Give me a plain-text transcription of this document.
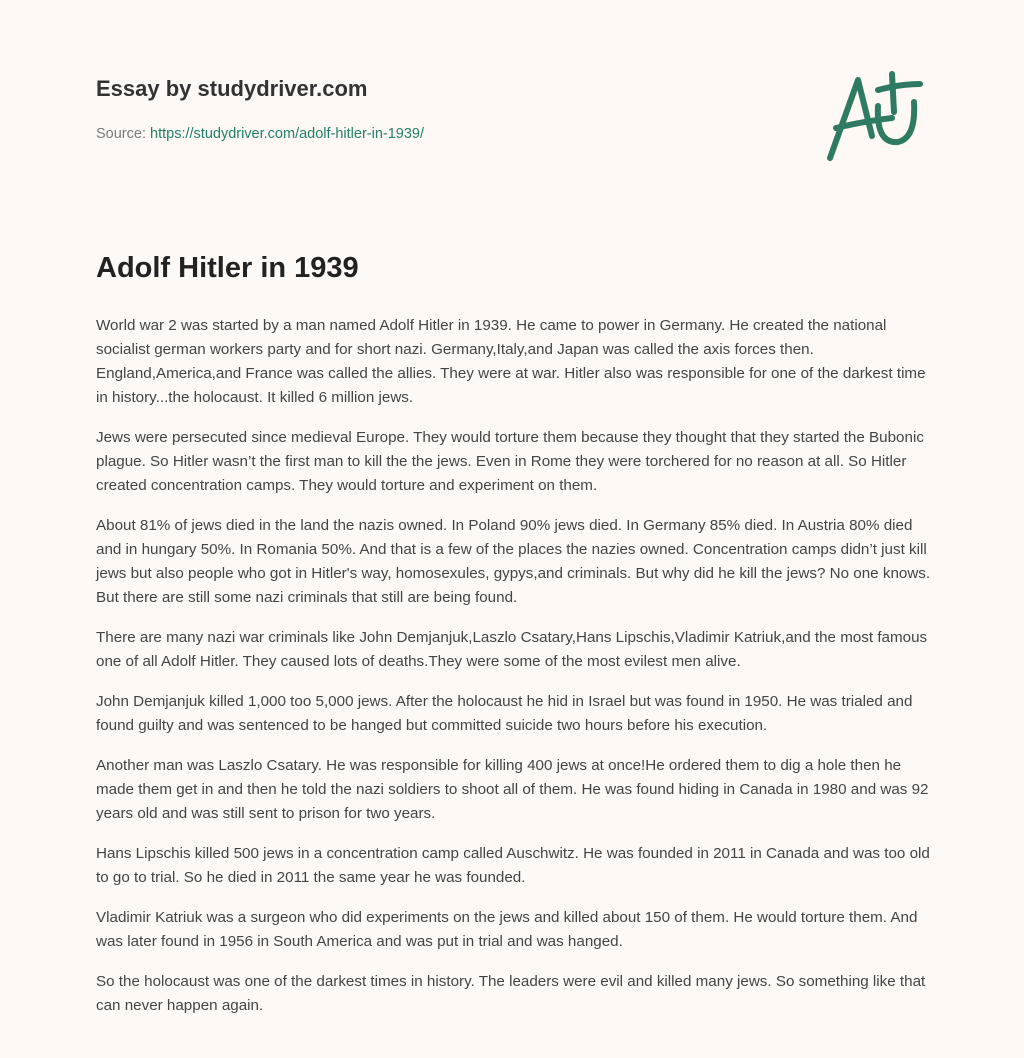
Essay by studydriver.com

Source: https://studydriver.com/adolf-hitler-in-1939/
Adolf Hitler in 1939

World war 2 was started by a man named Adolf Hitler in 1939. He came to power in Germany. He created the national socialist german workers party and for short nazi. Germany,Italy,and Japan was called the axis forces then. England,America,and France was called the allies. They were at war. Hitler also was responsible for one of the darkest time in history...the holocaust. It killed 6 million jews.

Jews were persecuted since medieval Europe. They would torture them because they thought that they started the Bubonic plague. So Hitler wasn’t the first man to kill the the jews. Even in Rome they were torchered for no reason at all. So Hitler created concentration camps. They would torture and experiment on them.

About 81% of jews died in the land the nazis owned. In Poland 90% jews died. In Germany 85% died. In Austria 80% died and in hungary 50%. In Romania 50%. And that is a few of the places the nazies owned. Concentration camps didn’t just kill jews but also people who got in Hitler's way, homosexules, gypys,and criminals. But why did he kill the jews? No one knows. But there are still some nazi criminals that still are being found.

There are many nazi war criminals like John Demjanjuk,Laszlo Csatary,Hans Lipschis,Vladimir Katriuk,and the most famous one of all Adolf Hitler. They caused lots of deaths.They were some of the most evilest men alive.

John Demjanjuk killed 1,000 too 5,000 jews. After the holocaust he hid in Israel but was found in 1950. He was trialed and found guilty and was sentenced to be hanged but committed suicide two hours before his execution.

Another man was Laszlo Csatary. He was responsible for killing 400 jews at once!He ordered them to dig a hole then he made them get in and then he told the nazi soldiers to shoot all of them. He was found hiding in Canada in 1980 and was 92 years old and was still sent to prison for two years.

Hans Lipschis killed 500 jews in a concentration camp called Auschwitz. He was founded in 2011 in Canada and was too old to go to trial. So he died in 2011 the same year he was founded.

Vladimir Katriuk was a surgeon who did experiments on the jews and killed about 150 of them. He would torture them. And was later found in 1956 in South America and was put in trial and was hanged.

So the holocaust was one of the darkest times in history. The leaders were evil and killed many jews. So something like that can never happen again.
